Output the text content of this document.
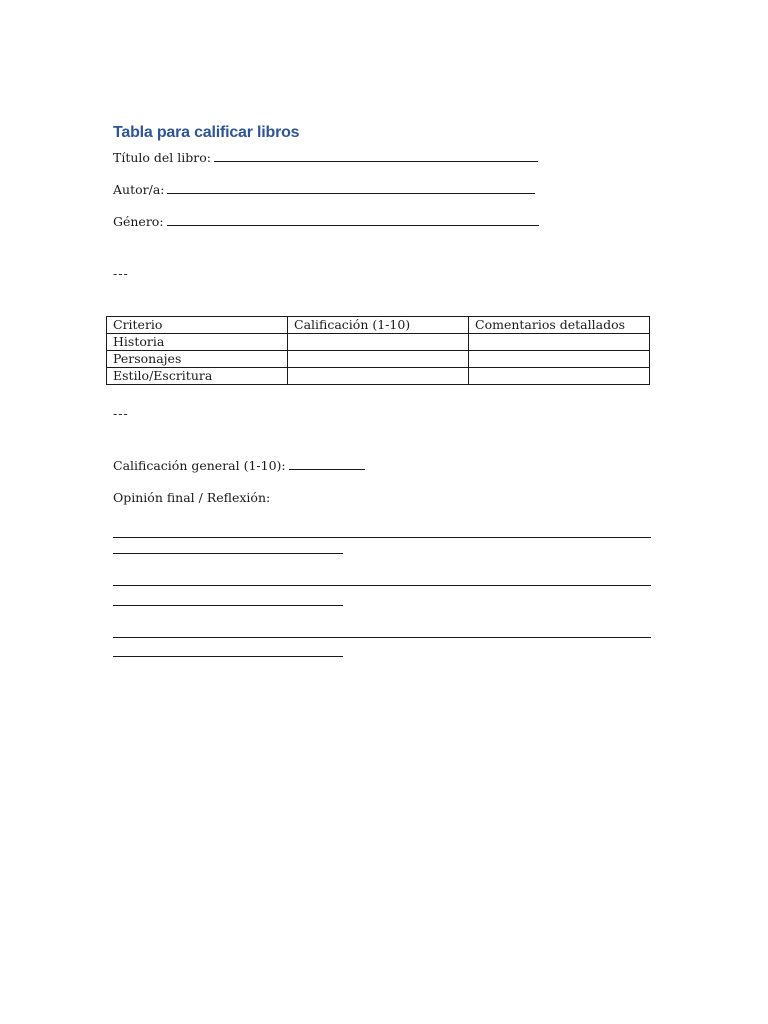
Tabla para calificar libros
Título del libro:
Autor/a:
Género:
---
Criterio	Calificación (1-10)	Comentarios detallados
Historia		
Personajes		
Estilo/Escritura		
---
Calificación general (1-10):
Opinión final / Reflexión:
